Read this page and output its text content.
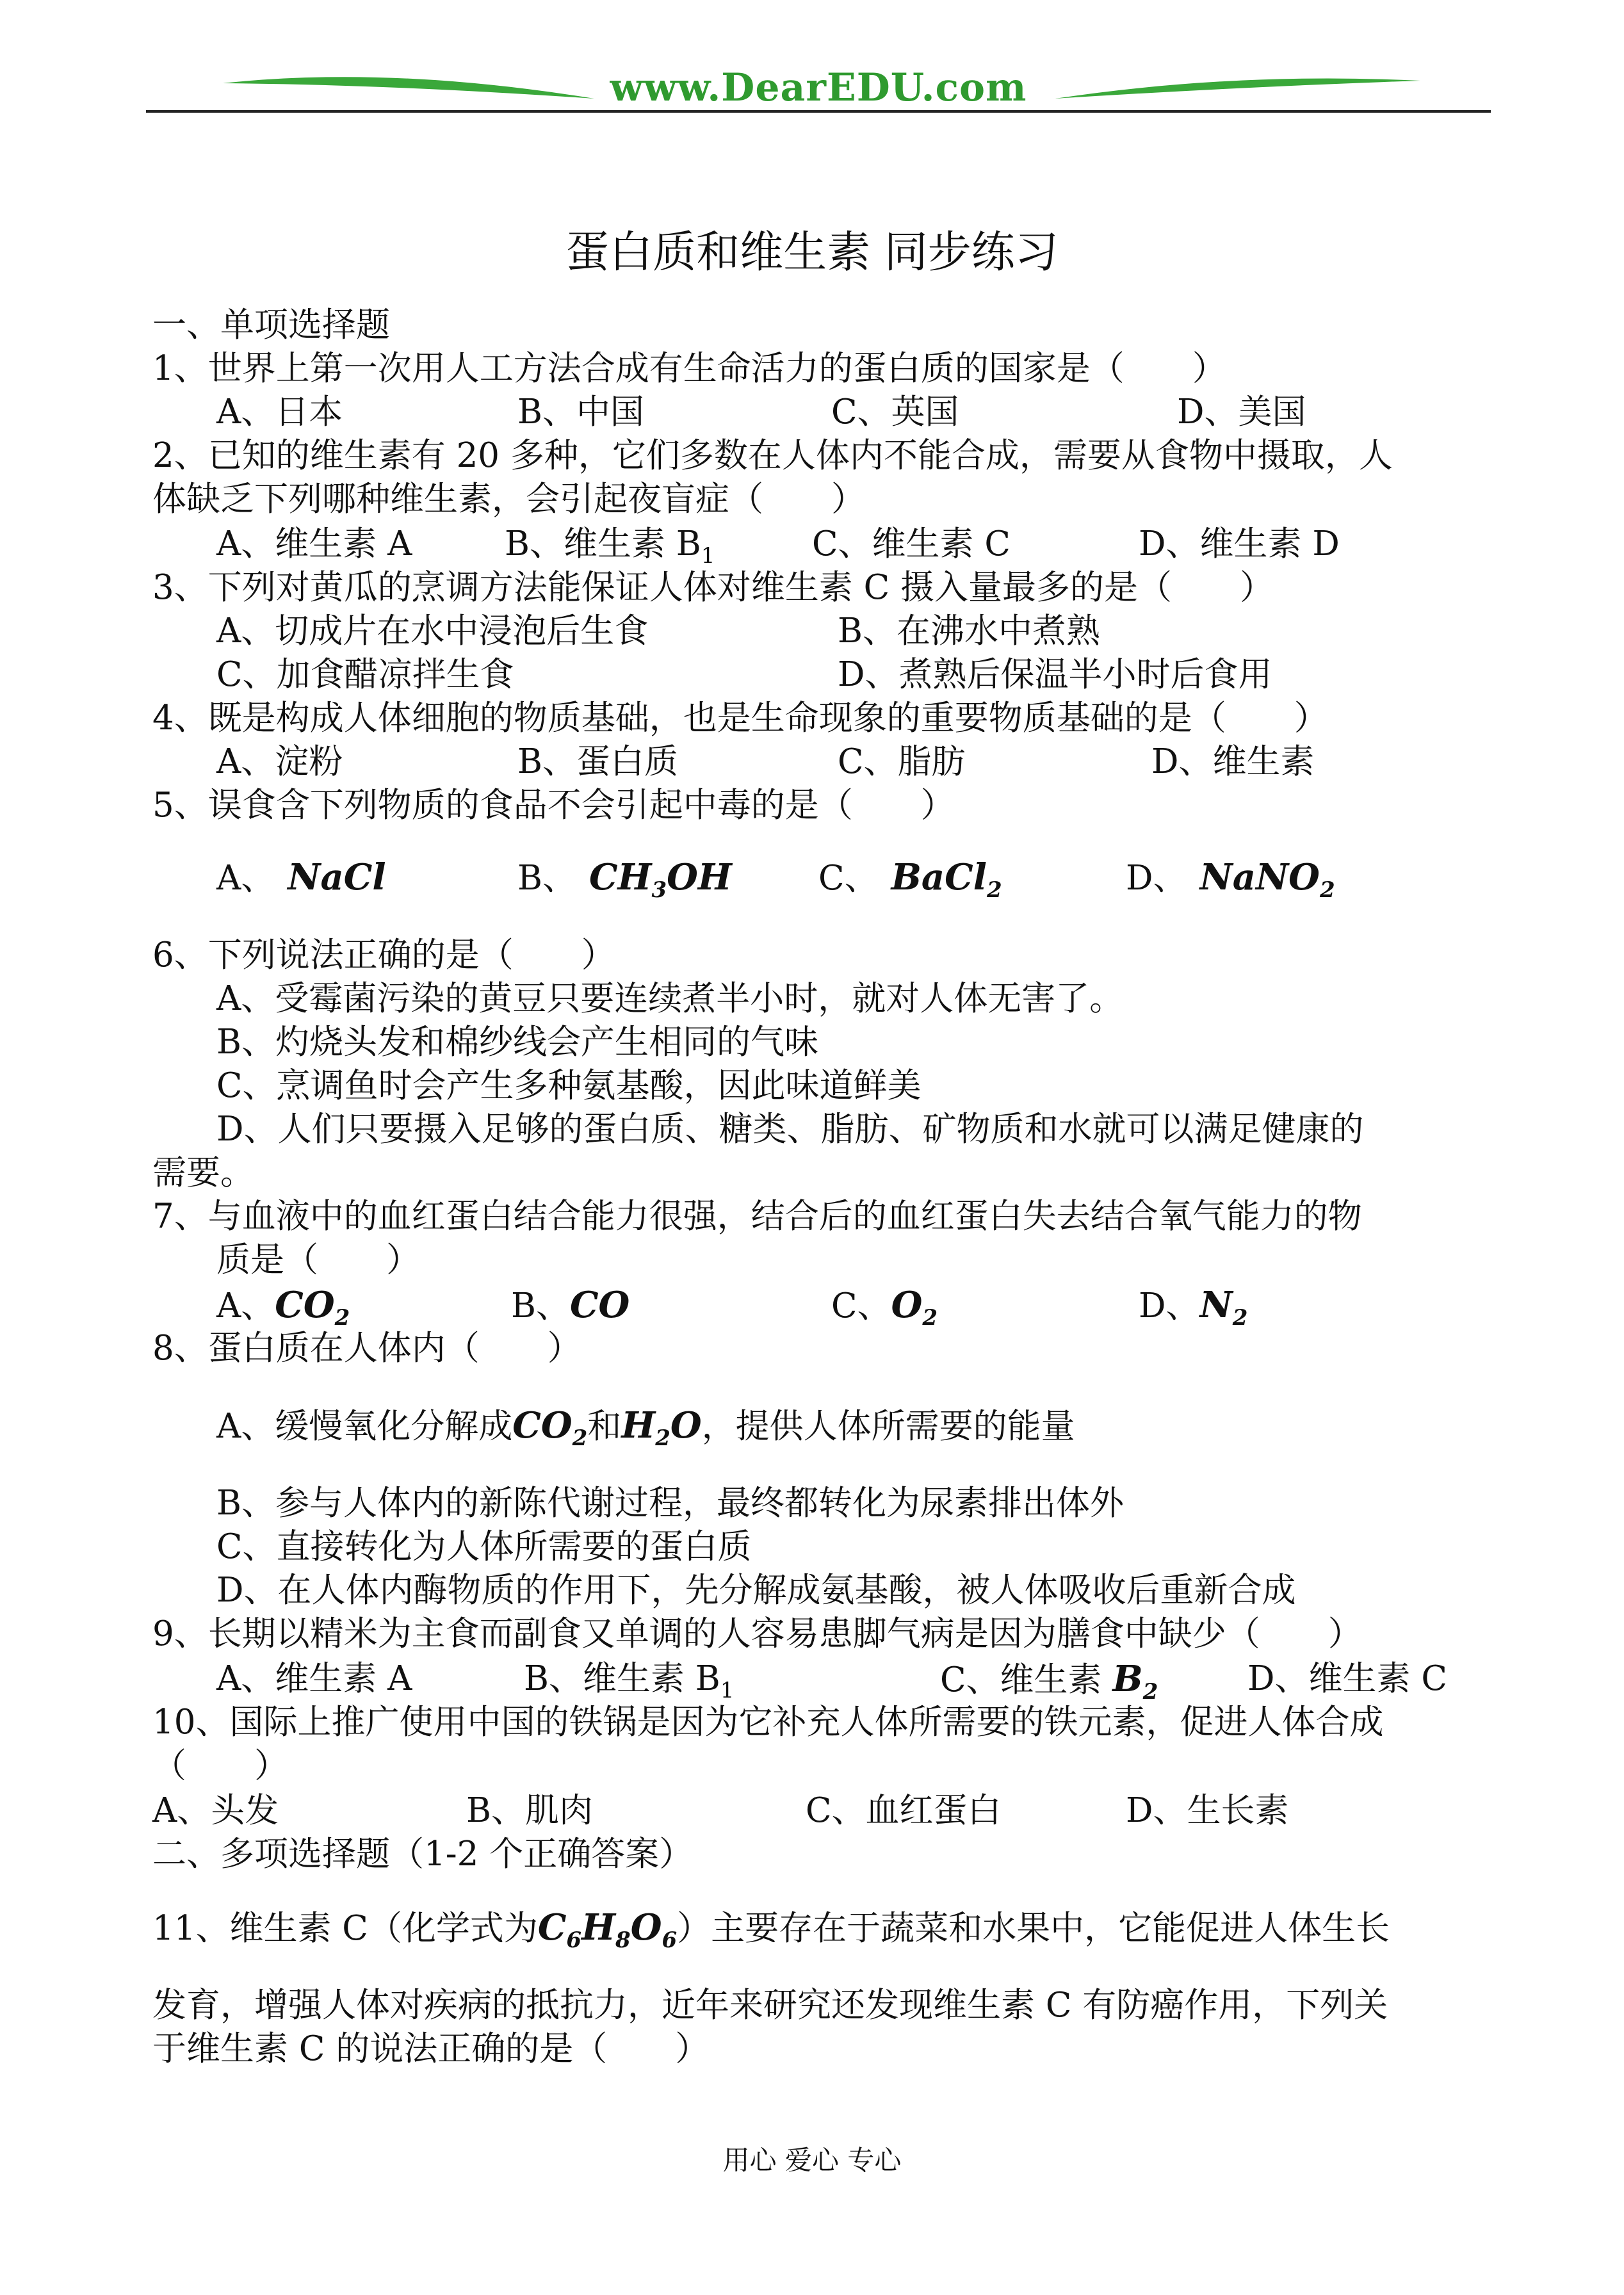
www.DearEDU.com
蛋白质和维生素 同步练习
一、单项选择题
1、世界上第一次用人工方法合成有生命活力的蛋白质的国家是（　　）
A、日本	B、中国	C、英国	D、美国
2、已知的维生素有 20 多种，它们多数在人体内不能合成，需要从食物中摄取，人
体缺乏下列哪种维生素，会引起夜盲症（　　）
A、维生素 A	B、维生素 $B_1$	C、维生素 C	D、维生素 D
3、下列对黄瓜的烹调方法能保证人体对维生素 C 摄入量最多的是（　　）
A、切成片在水中浸泡后生食	B、在沸水中煮熟
C、加食醋凉拌生食	D、煮熟后保温半小时后食用
4、既是构成人体细胞的物质基础，也是生命现象的重要物质基础的是（　　）
A、淀粉	B、蛋白质	C、脂肪	D、维生素
5、误食含下列物质的食品不会引起中毒的是（　　）
A、 NaCl	B、 $CH_3OH$	C、 BaCl$_2$	D、 NaNO$_2$
6、下列说法正确的是（　　）
A、受霉菌污染的黄豆只要连续煮半小时，就对人体无害了。
B、灼烧头发和棉纱线会产生相同的气味
C、烹调鱼时会产生多种氨基酸，因此味道鲜美
D、人们只要摄入足够的蛋白质、糖类、脂肪、矿物质和水就可以满足健康的
需要。
7、与血液中的血红蛋白结合能力很强，结合后的血红蛋白失去结合氧气能力的物
质是（　　）
A、$CO_2$	B、CO	C、$O_2$	D、$N_2$
8、蛋白质在人体内（　　）
A、缓慢氧化分解成$CO_2$和$H_2O$，提供人体所需要的能量
B、参与人体内的新陈代谢过程，最终都转化为尿素排出体外
C、直接转化为人体所需要的蛋白质
D、在人体内酶物质的作用下，先分解成氨基酸，被人体吸收后重新合成
9、长期以精米为主食而副食又单调的人容易患脚气病是因为膳食中缺少（　　）
A、维生素 A	B、维生素 $B_1$	C、维生素 $B_2$	D、维生素 C
10、国际上推广使用中国的铁锅是因为它补充人体所需要的铁元素，促进人体合成
（　　）
A、头发	B、肌肉	C、血红蛋白	D、生长素
二、多项选择题（1-2 个正确答案）
11、维生素 C（化学式为$C_6H_8O_6$）主要存在于蔬菜和水果中，它能促进人体生长
发育，增强人体对疾病的抵抗力，近年来研究还发现维生素 C 有防癌作用，下列关
于维生素 C 的说法正确的是（　　）
用心 爱心 专心
